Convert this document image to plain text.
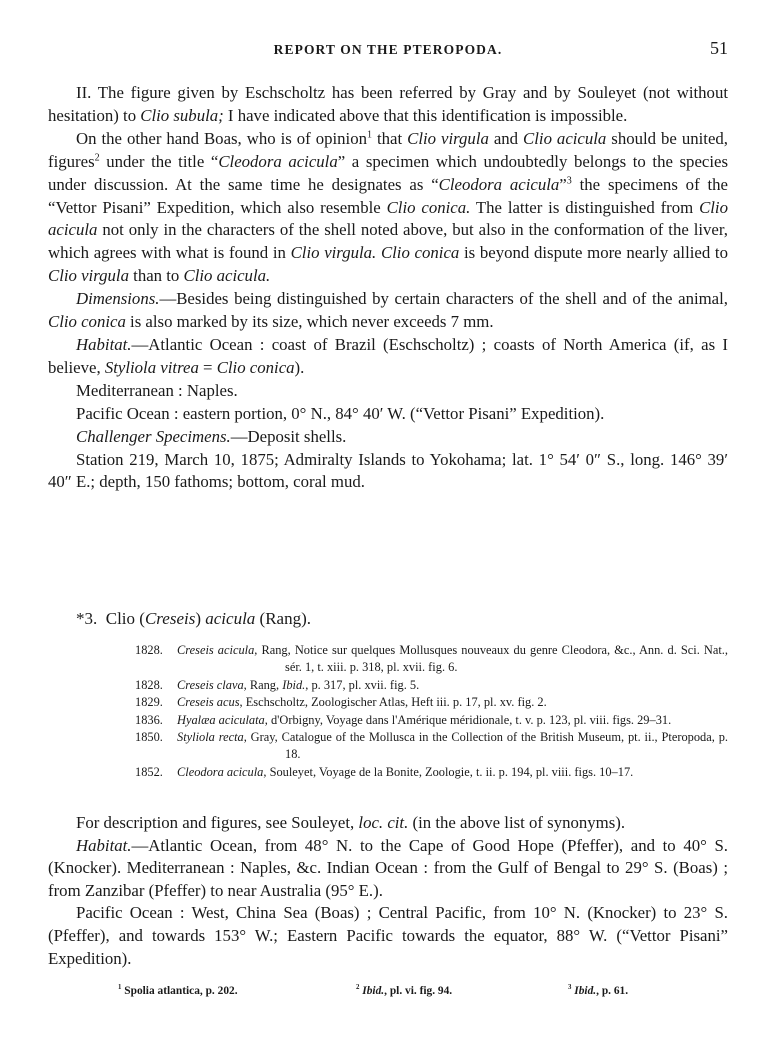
REPORT ON THE PTEROPODA.	51

II. The figure given by Eschscholtz has been referred by Gray and by Souleyet (not without hesitation) to Clio subula; I have indicated above that this identification is impossible.

On the other hand Boas, who is of opinion$^1$ that Clio virgula and Clio acicula should be united, figures$^2$ under the title “Cleodora acicula” a specimen which undoubtedly belongs to the species under discussion. At the same time he designates as “Cleodora acicula”$^3$ the specimens of the “Vettor Pisani” Expedition, which also resemble Clio conica. The latter is distinguished from Clio acicula not only in the characters of the shell noted above, but also in the conformation of the liver, which agrees with what is found in Clio virgula. Clio conica is beyond dispute more nearly allied to Clio virgula than to Clio acicula.

Dimensions.—Besides being distinguished by certain characters of the shell and of the animal, Clio conica is also marked by its size, which never exceeds 7 mm.

Habitat.—Atlantic Ocean : coast of Brazil (Eschscholtz) ; coasts of North America (if, as I believe, Styliola vitrea = Clio conica).

Mediterranean : Naples.

Pacific Ocean : eastern portion, 0° N., 84° 40′ W. (“Vettor Pisani” Expedition).

Challenger Specimens.—Deposit shells.

Station 219, March 10, 1875; Admiralty Islands to Yokohama; lat. 1° 54′ 0″ S., long. 146° 39′ 40″ E.; depth, 150 fathoms; bottom, coral mud.

*3. Clio (Creseis) acicula (Rang).
1828. Creseis acicula, Rang, Notice sur quelques Mollusques nouveaux du genre Cleodora, &c., Ann. d. Sci. Nat., sér. 1, t. xiii. p. 318, pl. xvii. fig. 6.
1828. Creseis clava, Rang, Ibid., p. 317, pl. xvii. fig. 5.
1829. Creseis acus, Eschscholtz, Zoologischer Atlas, Heft iii. p. 17, pl. xv. fig. 2.
1836. Hyalæa aciculata, d'Orbigny, Voyage dans l'Amérique méridionale, t. v. p. 123, pl. viii. figs. 29–31.
1850. Styliola recta, Gray, Catalogue of the Mollusca in the Collection of the British Museum, pt. ii., Pteropoda, p. 18.
1852. Cleodora acicula, Souleyet, Voyage de la Bonite, Zoologie, t. ii. p. 194, pl. viii. figs. 10–17.

For description and figures, see Souleyet, loc. cit. (in the above list of synonyms).

Habitat.—Atlantic Ocean, from 48° N. to the Cape of Good Hope (Pfeffer), and to 40° S. (Knocker). Mediterranean : Naples, &c. Indian Ocean : from the Gulf of Bengal to 29° S. (Boas) ; from Zanzibar (Pfeffer) to near Australia (95° E.).

Pacific Ocean : West, China Sea (Boas) ; Central Pacific, from 10° N. (Knocker) to 23° S. (Pfeffer), and towards 153° W.; Eastern Pacific towards the equator, 88° W. (“Vettor Pisani” Expedition).

$^1$ Spolia atlantica, p. 202.	$^2$ Ibid., pl. vi. fig. 94.	$^3$ Ibid., p. 61.
